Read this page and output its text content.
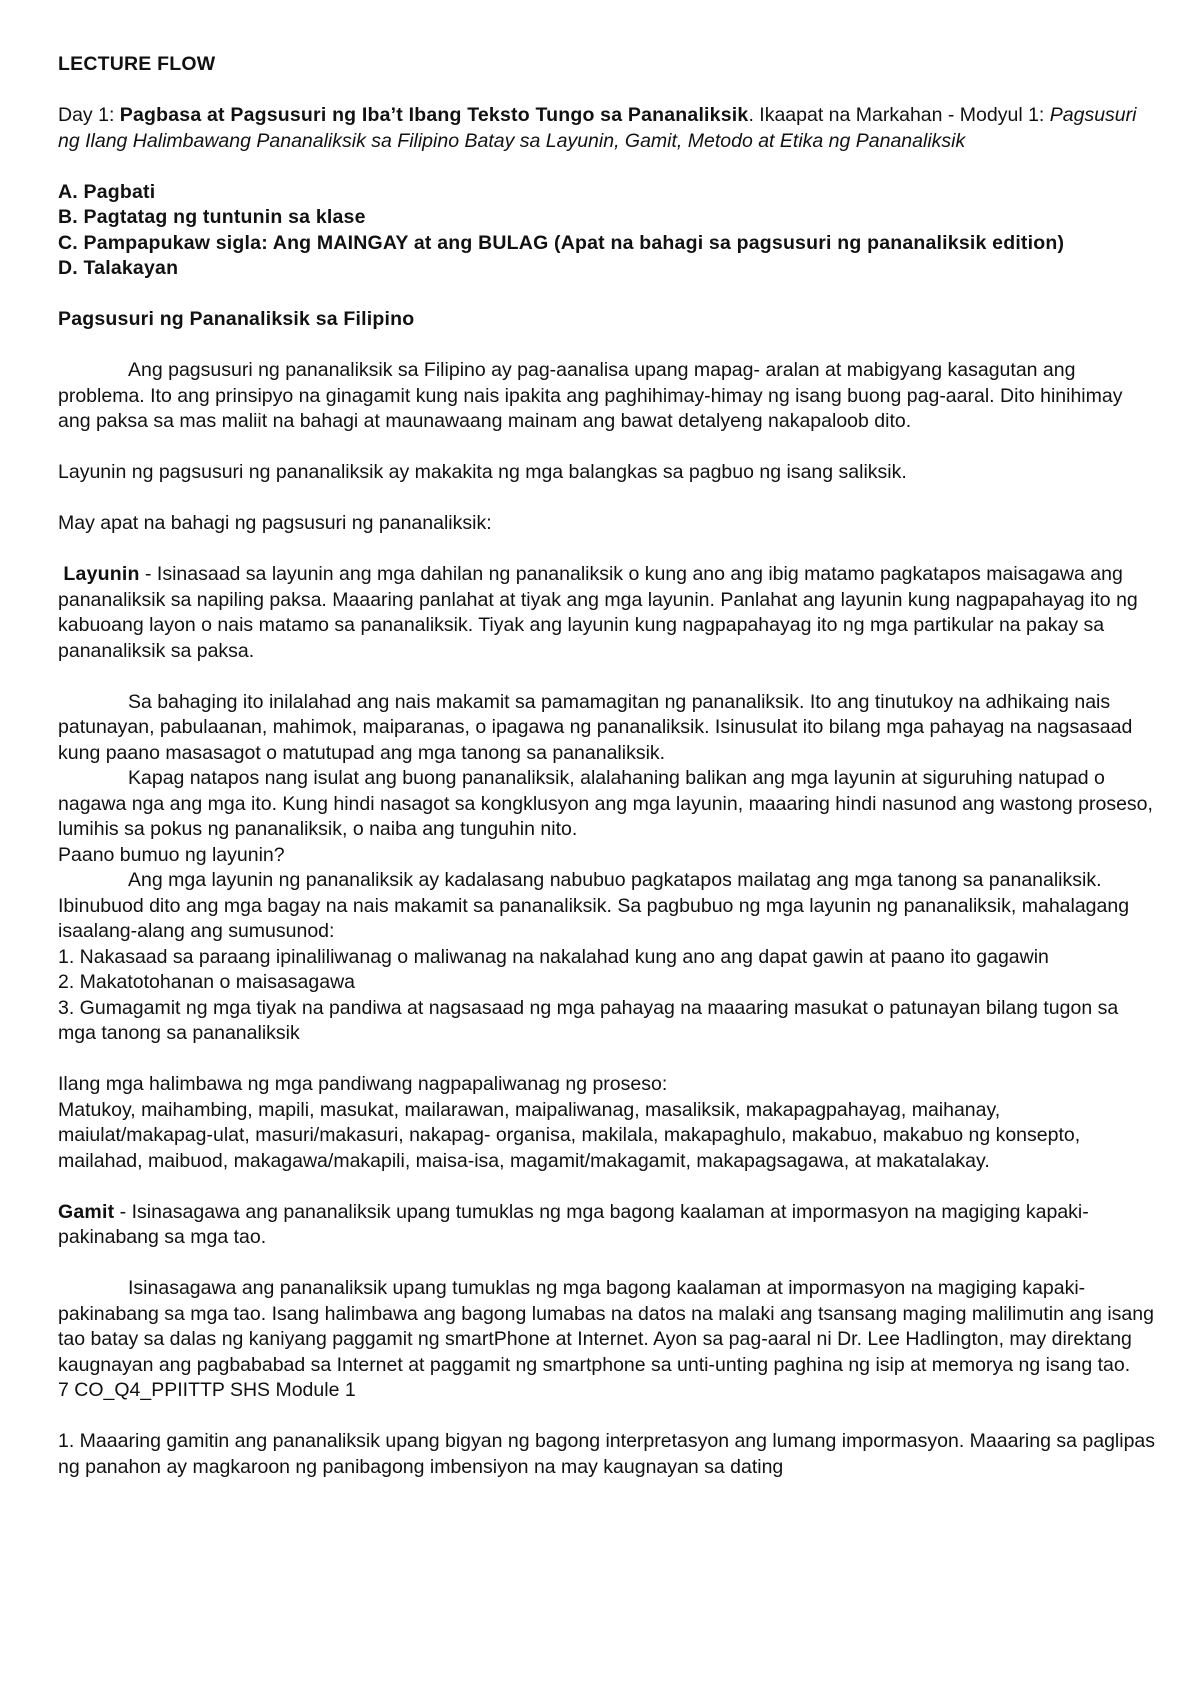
LECTURE FLOW

Day 1: Pagbasa at Pagsusuri ng Iba’t Ibang Teksto Tungo sa Pananaliksik. Ikaapat na Markahan - Modyul 1: Pagsusuri ng Ilang Halimbawang Pananaliksik sa Filipino Batay sa Layunin, Gamit, Metodo at Etika ng Pananaliksik

A. Pagbati

B. Pagtatag ng tuntunin sa klase

C. Pampapukaw sigla: Ang MAINGAY at ang BULAG (Apat na bahagi sa pagsusuri ng pananaliksik edition)

D. Talakayan

Pagsusuri ng Pananaliksik sa Filipino

Ang pagsusuri ng pananaliksik sa Filipino ay pag-aanalisa upang mapag- aralan at mabigyang kasagutan ang problema. Ito ang prinsipyo na ginagamit kung nais ipakita ang paghihimay-himay ng isang buong pag-aaral. Dito hinihimay ang paksa sa mas maliit na bahagi at maunawaang mainam ang bawat detalyeng nakapaloob dito.

Layunin ng pagsusuri ng pananaliksik ay makakita ng mga balangkas sa pagbuo ng isang saliksik.

May apat na bahagi ng pagsusuri ng pananaliksik:

Layunin - Isinasaad sa layunin ang mga dahilan ng pananaliksik o kung ano ang ibig matamo pagkatapos maisagawa ang pananaliksik sa napiling paksa. Maaaring panlahat at tiyak ang mga layunin. Panlahat ang layunin kung nagpapahayag ito ng kabuoang layon o nais matamo sa pananaliksik. Tiyak ang layunin kung nagpapahayag ito ng mga partikular na pakay sa pananaliksik sa paksa.

Sa bahaging ito inilalahad ang nais makamit sa pamamagitan ng pananaliksik. Ito ang tinutukoy na adhikaing nais patunayan, pabulaanan, mahimok, maiparanas, o ipagawa ng pananaliksik. Isinusulat ito bilang mga pahayag na nagsasaad kung paano masasagot o matutupad ang mga tanong sa pananaliksik.

Kapag natapos nang isulat ang buong pananaliksik, alalahaning balikan ang mga layunin at siguruhing natupad o nagawa nga ang mga ito. Kung hindi nasagot sa kongklusyon ang mga layunin, maaaring hindi nasunod ang wastong proseso, lumihis sa pokus ng pananaliksik, o naiba ang tunguhin nito.

Paano bumuo ng layunin?

Ang mga layunin ng pananaliksik ay kadalasang nabubuo pagkatapos mailatag ang mga tanong sa pananaliksik. Ibinubuod dito ang mga bagay na nais makamit sa pananaliksik. Sa pagbubuo ng mga layunin ng pananaliksik, mahalagang isaalang-alang ang sumusunod:

1. Nakasaad sa paraang ipinaliliwanag o maliwanag na nakalahad kung ano ang dapat gawin at paano ito gagawin

2. Makatotohanan o maisasagawa

3. Gumagamit ng mga tiyak na pandiwa at nagsasaad ng mga pahayag na maaaring masukat o patunayan bilang tugon sa mga tanong sa pananaliksik

Ilang mga halimbawa ng mga pandiwang nagpapaliwanag ng proseso:

Matukoy, maihambing, mapili, masukat, mailarawan, maipaliwanag, masaliksik, makapagpahayag, maihanay, maiulat/makapag-ulat, masuri/makasuri, nakapag- organisa, makilala, makapaghulo, makabuo, makabuo ng konsepto, mailahad, maibuod, makagawa/makapili, maisa-isa, magamit/makagamit, makapagsagawa, at makatalakay.

Gamit - Isinasagawa ang pananaliksik upang tumuklas ng mga bagong kaalaman at impormasyon na magiging kapaki-pakinabang sa mga tao.

Isinasagawa ang pananaliksik upang tumuklas ng mga bagong kaalaman at impormasyon na magiging kapaki-pakinabang sa mga tao. Isang halimbawa ang bagong lumabas na datos na malaki ang tsansang maging malilimutin ang isang tao batay sa dalas ng kaniyang paggamit ng smartPhone at Internet. Ayon sa pag-aaral ni Dr. Lee Hadlington, may direktang kaugnayan ang pagbababad sa Internet at paggamit ng smartphone sa unti-unting paghina ng isip at memorya ng isang tao.

7 CO_Q4_PPIITTP SHS Module 1

1. Maaaring gamitin ang pananaliksik upang bigyan ng bagong interpretasyon ang lumang impormasyon. Maaaring sa paglipas ng panahon ay magkaroon ng panibagong imbensiyon na may kaugnayan sa dating
